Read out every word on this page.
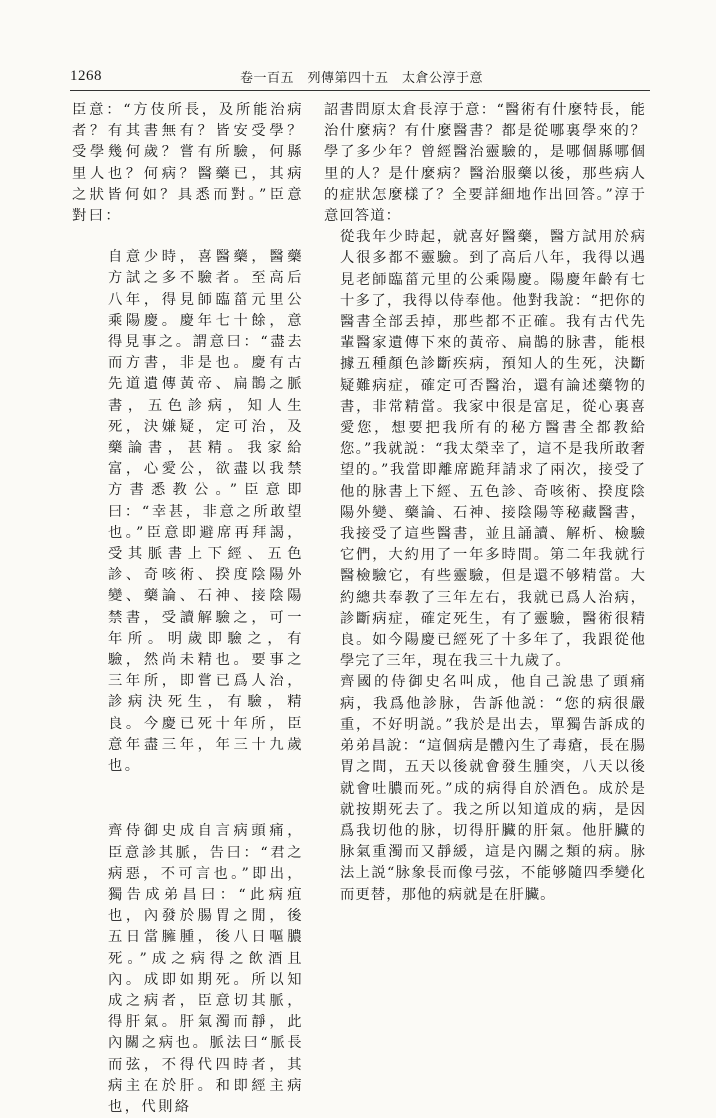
1268	卷一百五　列傳第四十五　太倉公淳于意

臣意：“方伎所長，及所能治病者？有其書無有？皆安受學？受學幾何歲？嘗有所驗，何縣里人也？何病？醫藥已，其病之狀皆何如？具悉而對。”臣意對曰：

自意少時，喜醫藥，醫藥方試之多不驗者。至高后八年，得見師臨菑元里公乘陽慶。慶年七十餘，意得見事之。謂意曰：“盡去而方書，非是也。慶有古先道遺傳黃帝、扁鵲之脈書，五色診病，知人生死，決嫌疑，定可治，及藥論書，甚精。我家給富，心愛公，欲盡以我禁方書悉教公。”臣意即曰：“幸甚，非意之所敢望也。”臣意即避席再拜謁，受其脈書上下經、五色診、奇咳術、揆度陰陽外變、藥論、石神、接陰陽禁書，受讀解驗之，可一年所。明歲即驗之，有驗，然尚未精也。要事之三年所，即嘗已爲人治，診病決死生，有驗，精良。今慶已死十年所，臣意年盡三年，年三十九歲也。

齊侍御史成自言病頭痛，臣意診其脈，告曰：“君之病惡，不可言也。”即出，獨告成弟昌曰：“此病疽也，內發於腸胃之閒，後五日當臃腫，後八日嘔膿死。”成之病得之飲酒且內。成即如期死。所以知成之病者，臣意切其脈，得肝氣。肝氣濁而靜，此內關之病也。脈法曰“脈長而弦，不得代四時者，其病主在於肝。和即經主病也，代則絡

詔書問原太倉長淳于意：“醫術有什麼特長，能治什麼病？有什麼醫書？都是從哪裏學來的？學了多少年？曾經醫治靈驗的，是哪個縣哪個里的人？是什麼病？醫治服藥以後，那些病人的症狀怎麼樣了？全要詳細地作出回答。”淳于意回答道：

從我年少時起，就喜好醫藥，醫方試用於病人很多都不靈驗。到了高后八年，我得以遇見老師臨菑元里的公乘陽慶。陽慶年齡有七十多了，我得以侍奉他。他對我說：“把你的醫書全部丢掉，那些都不正確。我有古代先輩醫家遺傳下來的黃帝、扁鵲的脉書，能根據五種顏色診斷疾病，預知人的生死，決斷疑難病症，確定可否醫治，還有論述藥物的書，非常精當。我家中很是富足，從心裏喜愛您，想要把我所有的秘方醫書全都教給您。”我就説：“我太榮幸了，這不是我所敢奢望的。”我當即離席跪拜請求了兩次，接受了他的脉書上下經、五色診、奇咳術、揆度陰陽外變、藥論、石神、接陰陽等秘藏醫書，我接受了這些醫書，並且誦讀、解析、檢驗它們，大約用了一年多時間。第二年我就行醫檢驗它，有些靈驗，但是還不够精當。大約總共奉教了三年左右，我就已爲人治病，診斷病症，確定死生，有了靈驗，醫術很精良。如今陽慶已經死了十多年了，我跟從他學完了三年，現在我三十九歲了。

齊國的侍御史名叫成，他自己說患了頭痛病，我爲他診脉，告訴他説：“您的病很嚴重，不好明説。”我於是出去，單獨告訴成的弟弟昌說：“這個病是體內生了毒瘡，長在腸胃之間，五天以後就會發生腫突，八天以後就會吐膿而死。”成的病得自於酒色。成於是就按期死去了。我之所以知道成的病，是因爲我切他的脉，切得肝臟的肝氣。他肝臟的脉氣重濁而又靜緩，這是內關之類的病。脉法上説“脉象長而像弓弦，不能够隨四季變化而更替，那他的病就是在肝臟。
